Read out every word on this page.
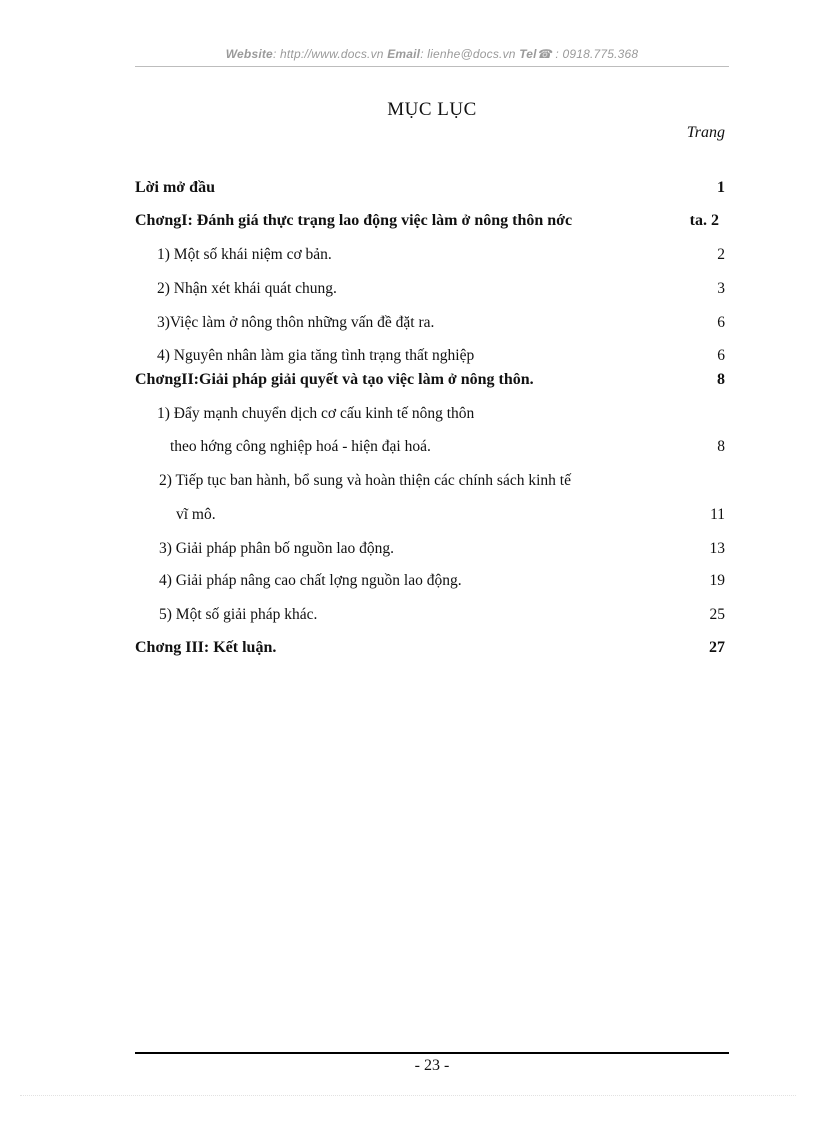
Website: http://www.docs.vn Email: lienhe@docs.vn Tel☎ : 0918.775.368
MỤC LỤC
Trang
Lời mở đầu	1
ChơngI: Đánh giá thực trạng lao động việc làm ở nông thôn nớc	ta. 2
1) Một số khái niệm cơ bản.	2
2) Nhận xét khái quát chung.	3
3)Việc làm ở nông thôn những vấn đề đặt ra.	6
4) Nguyên nhân làm gia tăng tình trạng thất nghiệp	6
ChơngII:Giải pháp giải quyết và tạo việc làm ở nông thôn.	8
1) Đẩy mạnh chuyển dịch cơ cấu kinh tế nông thôn
theo hớng công nghiệp hoá - hiện đại hoá.	8
2) Tiếp tục ban hành, bổ sung và hoàn thiện các chính sách kinh tế
vĩ mô.	11
3) Giải pháp phân bố nguồn lao động.	13
4) Giải pháp nâng cao chất lợng nguồn lao động.	19
5) Một số giải pháp khác.	25
Chơng III: Kết luận.	27
- 23 -
